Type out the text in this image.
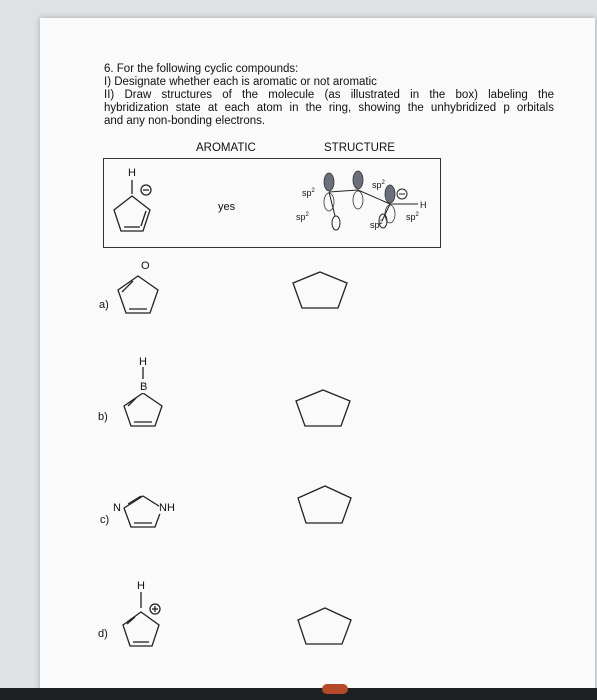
6. For the following cyclic compounds:
I) Designate whether each is aromatic or not aromatic
II) Draw structures of the molecule (as illustrated in the box) labeling the
hybridization state at each atom in the ring, showing the unhybridized p orbitals
and any non-bonding electrons.
AROMATIC	STRUCTURE
yes
H
$sp^2$
$sp^2$
$sp^2$
$sp^2$
$sp^2$
H
a)
O
b)
H
B
c)
N	NH
d)
H
